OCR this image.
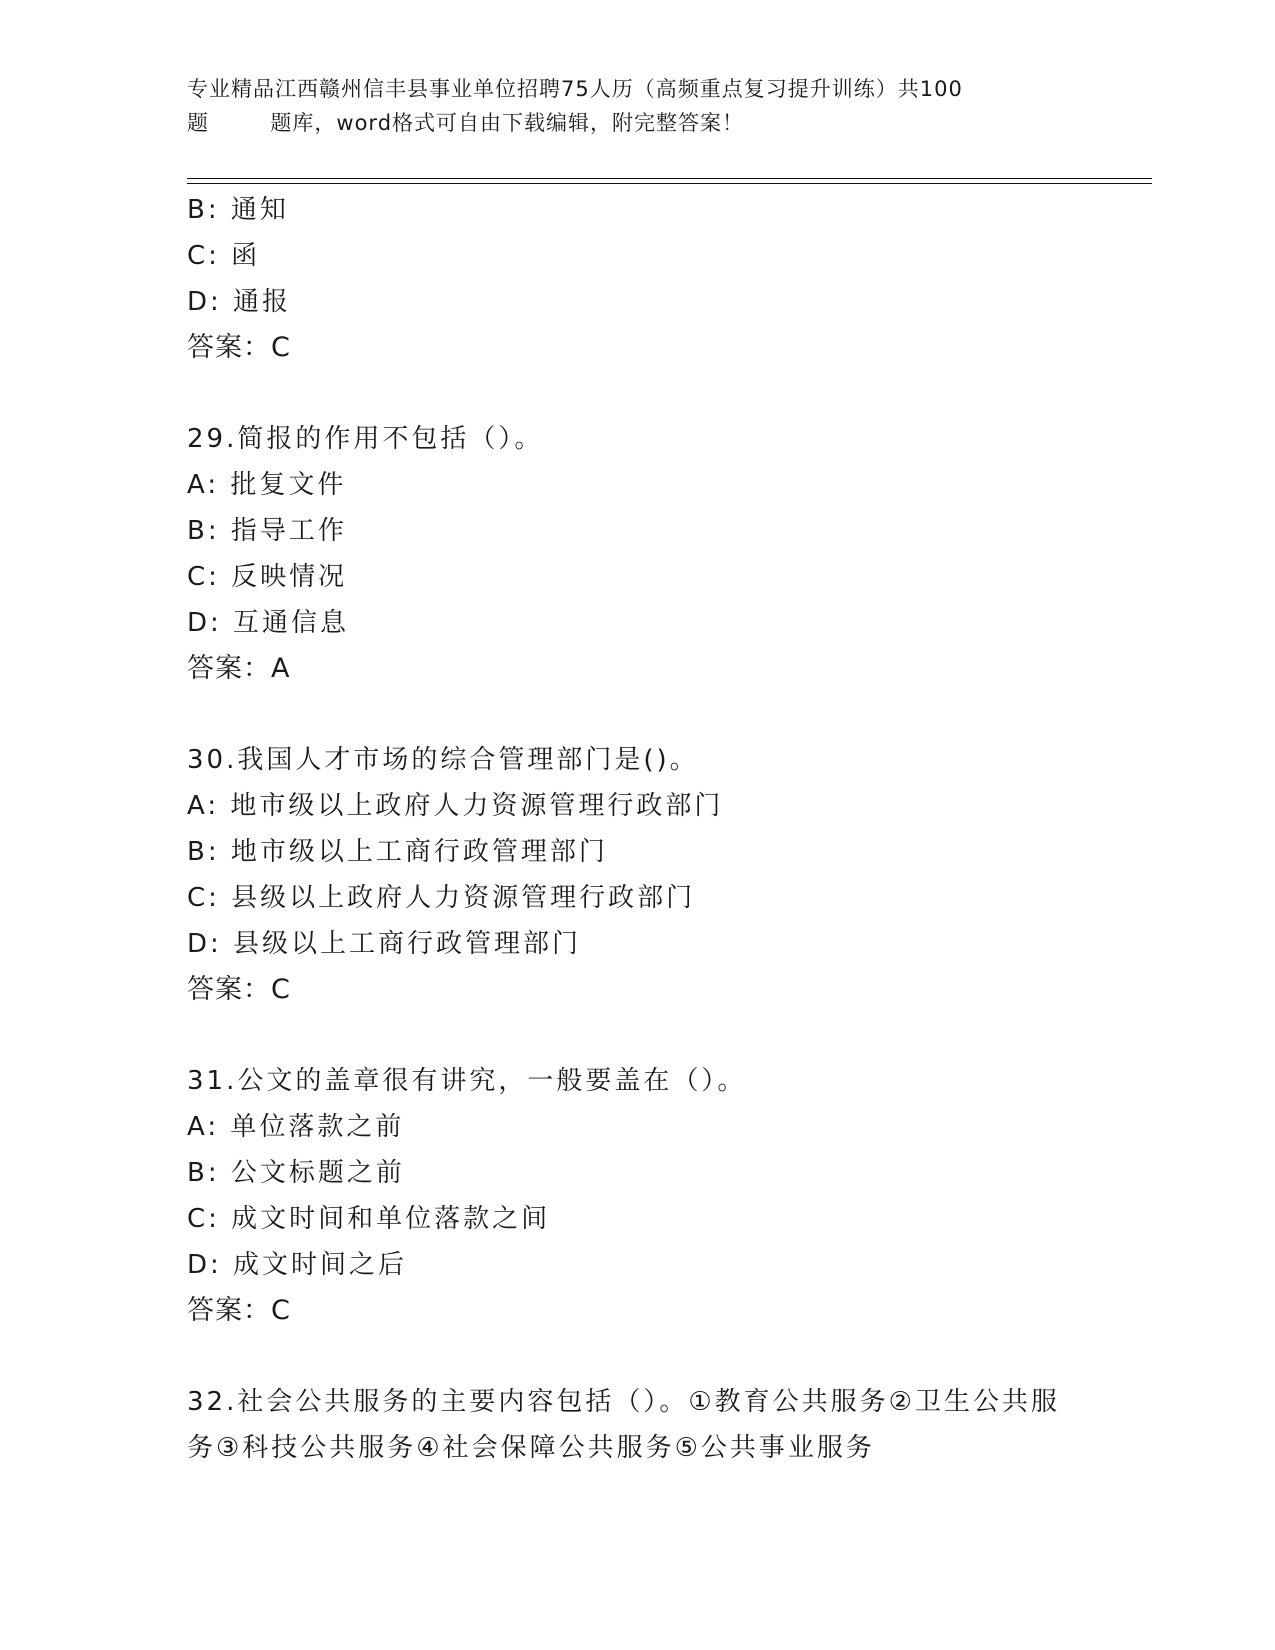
专业精品江西赣州信丰县事业单位招聘75人历（高频重点复习提升训练）共100
题        题库，word格式可自由下载编辑，附完整答案！
B: 通知
C: 函
D: 通报
答案：C
29.简报的作用不包括（）。
A: 批复文件
B: 指导工作
C: 反映情况
D: 互通信息
答案：A
30.我国人才市场的综合管理部门是()。
A: 地市级以上政府人力资源管理行政部门
B: 地市级以上工商行政管理部门
C: 县级以上政府人力资源管理行政部门
D: 县级以上工商行政管理部门
答案：C
31.公文的盖章很有讲究，一般要盖在（）。
A: 单位落款之前
B: 公文标题之前
C: 成文时间和单位落款之间
D: 成文时间之后
答案：C
32.社会公共服务的主要内容包括（）。①教育公共服务②卫生公共服
务③科技公共服务④社会保障公共服务⑤公共事业服务
